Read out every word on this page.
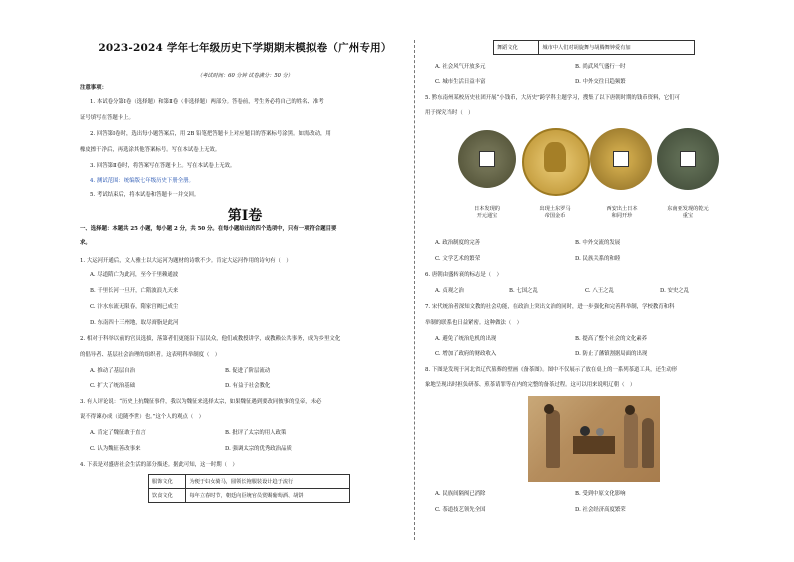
2023-2024 学年七年级历史下学期期末模拟卷（广州专用）
（考试时间：60 分钟 试卷满分：50 分）
注意事项：
1. 本试卷分第Ⅰ卷（选择题）和第Ⅱ卷（非选择题）两部分。答卷前，考生务必将自己的姓名、准考
证号填写在答题卡上。
2. 回答第Ⅰ卷时，选出每小题答案后，用 2B 铅笔把答题卡上对应题目的答案标号涂黑。如需改动，用
橡皮擦干净后，再选涂其他答案标号。写在本试卷上无效。
3. 回答第Ⅱ卷时，将答案写在答题卡上。写在本试卷上无效。
4. 测试范围：统编版七年级历史下册全册。
5. 考试结束后，将本试卷和答题卡一并交回。
第Ⅰ卷
一、选择题：本题共 25 小题，每小题 2 分，共 50 分。在每小题给出的四个选项中，只有一项符合题目要
求。
1. 大运河开通后，文人雅士以大运河为题材的诗歌不少。肯定大运河作用的诗句有（　）
A. 尽道隋亡为此河，至今千里赖通波
B. 千里长河一旦开，亡隋波浪九天来
C. 汴水东流无限春，隋家宫阙已成尘
D. 东南四十三州地，取尽膏脂是此河
2. 相对于科举以前的官员选拔，落第者们更能沿下层民众，他们或教授讲学，或教赖公共事务，成为乡里文化
的倡导者、基层社会治理的组织者。这表明科举制度（　）
A. 推动了基层自治	B. 促进了阶层流动
C. 扩大了统治基础	D. 有益于社会教化
3. 有人评论说：“历史上抗魏征事件，我以为魏征来选择太宗，如果魏征遇到要改同彼事的皇帝，未必
说不得谏办成（追随李世）也。”这个人的观点（　）
A. 肯定了魏征敢于直言	B. 批评了太宗的用人政策
C. 认为魏征善改事来	D. 强调太宗的优秀政治品质
4. 下表是对盛唐社会生活的部分描述。据此可知，这一时期（　）
服饰文化	为便于妇女骑马，圆领长袍服装设计趋于流行
饮食文化	每年立春时节，朝廷向臣统官员赏赐葡萄酒、胡饼
舞蹈文化	城市中人们对胡旋舞与胡腾舞钟爱有加
A. 社会风气开放多元	B. 尚武风气盛行一时
C. 城市生活日益丰富	D. 中外交往日趋频繁
5. 黔东南州某校历史社团开展“小钱币，大历史”跨学科主题学习，搜集了以下唐朝时期的钱币资料，它们可
用于探究当时（　）
日本发现的
开元通宝
出现土东罗马
帝国金币
西安出土日本
和同开珍
东南亚发现的乾元
重宝
A. 政治制度的完善	B. 中外交流的发展
C. 文学艺术的繁荣	D. 民族关系的和睦
6. 唐朝由盛转衰的标志是（　）
A. 贞观之治	B. 七国之乱	C. 八王之乱	D. 安史之乱
7. 宋代统治者深知文教的社会功能，在政治上突出文治的同时，进一步强化和完善科举制，学校教育和科
举制的联系也日益紧密。这种做法（　）
A. 避免了统治危机的出现	B. 提高了整个社会的文化素养
C. 增加了政府的财政收入	D. 防止了藩镇割据局面的出现
8. 下图是发现于河北省辽代墓葬的壁画《备茶图》。图中不仅展示了放在桌上的一系列茶道工具，还生动形
象地呈现出时担负研茶、煎茶请罪等在内的完整的备茶过程。这可以用来说明辽朝（　）
A. 民族间隔阂已消除	B. 受到中原文化影响
C. 茶道技艺领先全国	D. 社会经济高度繁荣
